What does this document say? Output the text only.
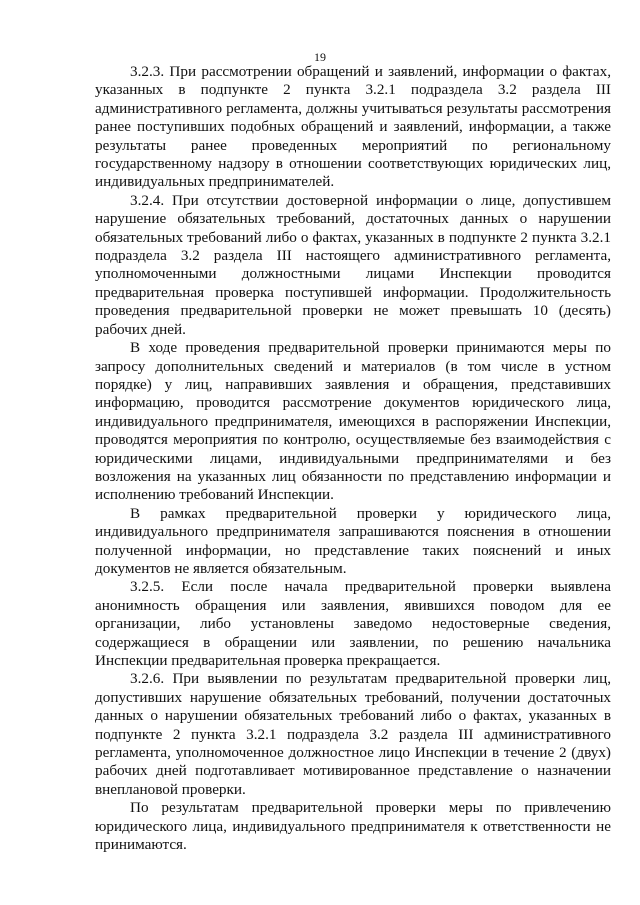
19

3.2.3. При рассмотрении обращений и заявлений, информации о фактах, указанных в подпункте 2 пункта 3.2.1 подраздела 3.2 раздела III административного регламента, должны учитываться результаты рассмотрения ранее поступивших подобных обращений и заявлений, информации, а также результаты ранее проведенных мероприятий по региональному государственному надзору в отношении соответствующих юридических лиц, индивидуальных предпринимателей.

3.2.4. При отсутствии достоверной информации о лице, допустившем нарушение обязательных требований, достаточных данных о нарушении обязательных требований либо о фактах, указанных в подпункте 2 пункта 3.2.1 подраздела 3.2 раздела III настоящего административного регламента, уполномоченными должностными лицами Инспекции проводится предварительная проверка поступившей информации. Продолжительность проведения предварительной проверки не может превышать 10 (десять) рабочих дней.

В ходе проведения предварительной проверки принимаются меры по запросу дополнительных сведений и материалов (в том числе в устном порядке) у лиц, направивших заявления и обращения, представивших информацию, проводится рассмотрение документов юридического лица, индивидуального предпринимателя, имеющихся в распоряжении Инспекции, проводятся мероприятия по контролю, осуществляемые без взаимодействия с юридическими лицами, индивидуальными предпринимателями и без возложения на указанных лиц обязанности по представлению информации и исполнению требований Инспекции.

В рамках предварительной проверки у юридического лица, индивидуального предпринимателя запрашиваются пояснения в отношении полученной информации, но представление таких пояснений и иных документов не является обязательным.

3.2.5. Если после начала предварительной проверки выявлена анонимность обращения или заявления, явившихся поводом для ее организации, либо установлены заведомо недостоверные сведения, содержащиеся в обращении или заявлении, по решению начальника Инспекции предварительная проверка прекращается.

3.2.6. При выявлении по результатам предварительной проверки лиц, допустивших нарушение обязательных требований, получении достаточных данных о нарушении обязательных требований либо о фактах, указанных в подпункте 2 пункта 3.2.1 подраздела 3.2 раздела III административного регламента, уполномоченное должностное лицо Инспекции в течение 2 (двух) рабочих дней подготавливает мотивированное представление о назначении внеплановой проверки.

По результатам предварительной проверки меры по привлечению юридического лица, индивидуального предпринимателя к ответственности не принимаются.
